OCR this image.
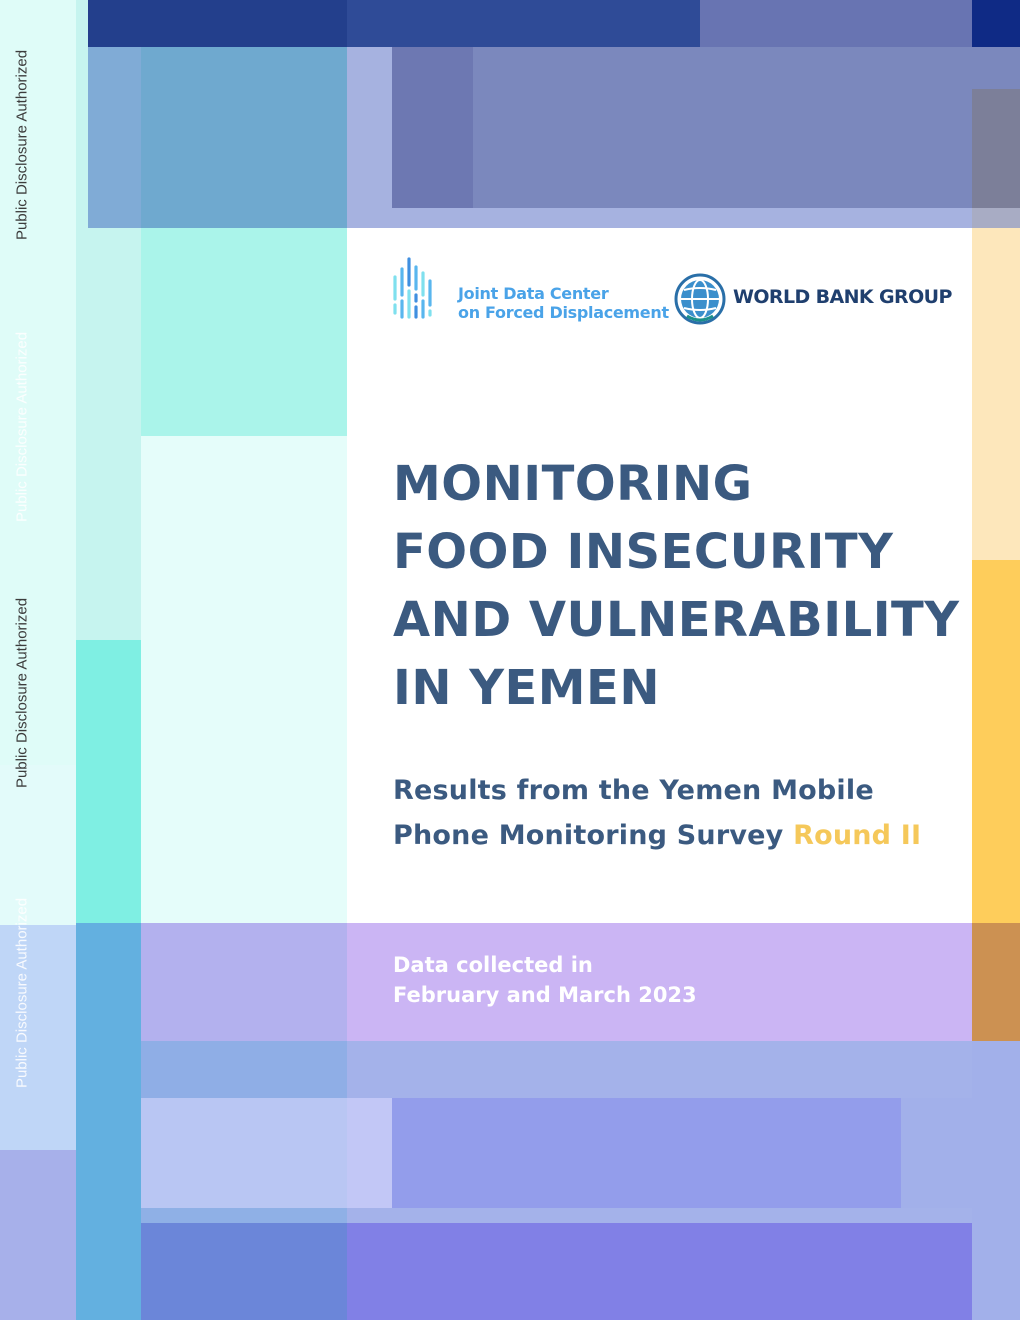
Public Disclosure Authorized
Public Disclosure Authorized
Public Disclosure Authorized
Public Disclosure Authorized
Joint Data Center
on Forced Displacement
WORLD BANK GROUP
MONITORING
FOOD INSECURITY
AND VULNERABILITY
IN YEMEN
Results from the Yemen Mobile
Phone Monitoring Survey Round II
Data collected in
February and March 2023
